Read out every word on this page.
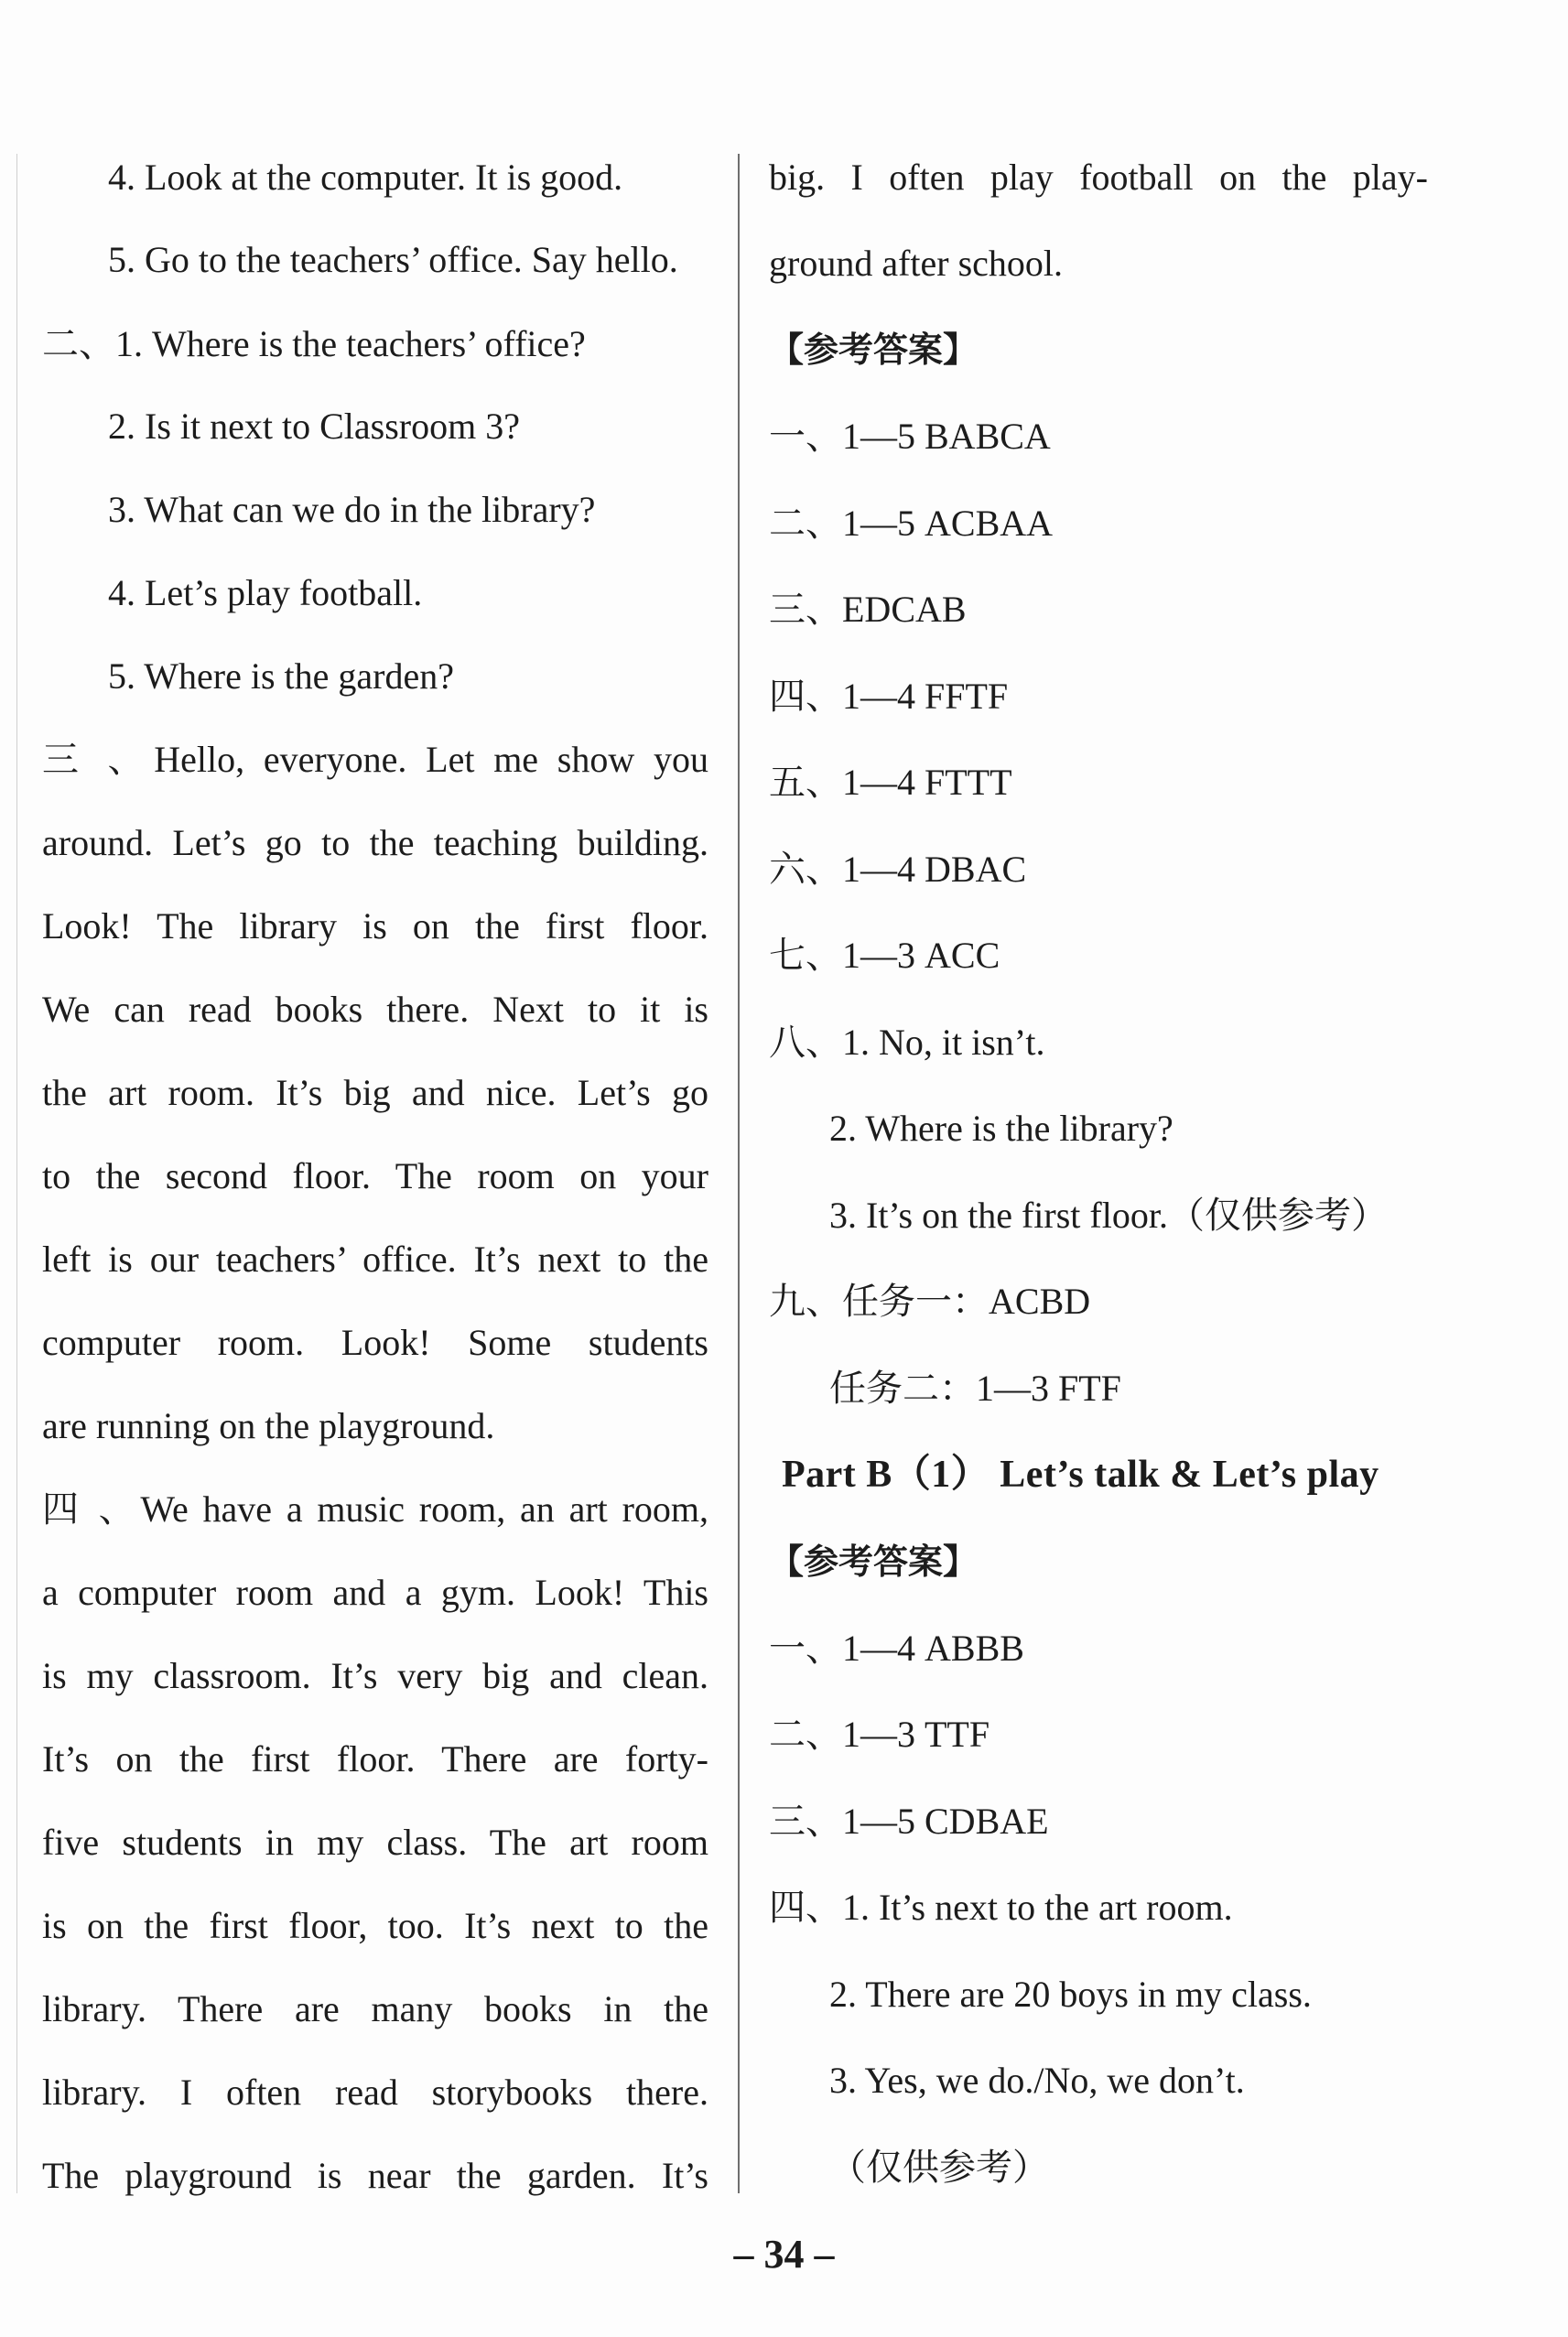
4. Look at the computer. It is good.
5. Go to the teachers’ office. Say hello.
二、1. Where is the teachers’ office?
2. Is it next to Classroom 3?
3. What can we do in the library?
4. Let’s play football.
5. Where is the garden?
三 、Hello, everyone. Let me show you
around. Let’s go to the teaching building.
Look! The library is on the first floor.
We can read books there. Next to it is
the art room. It’s big and nice. Let’s go
to the second floor. The room on your
left is our teachers’ office. It’s next to the
computer room. Look! Some students
are running on the playground.
四 、We have a music room, an art room,
a computer room and a gym. Look! This
is my classroom. It’s very big and clean.
It’s on the first floor. There are forty-
five students in my class. The art room
is on the first floor, too. It’s next to the
library. There are many books in the
library. I often read storybooks there.
The playground is near the garden. It’s
big. I often play football on the play-
ground after school.
【参考答案】
一、1—5 BABCA
二、1—5 ACBAA
三、EDCAB
四、1—4 FFTF
五、1—4 FTTT
六、1—4 DBAC
七、1—3 ACC
八、1. No, it isn’t.
2. Where is the library?
3. It’s on the first floor.（仅供参考）
九、任务一：ACBD
任务二：1—3 FTF
Part B（1） Let’s talk & Let’s play
【参考答案】
一、1—4 ABBB
二、1—3 TTF
三、1—5 CDBAE
四、1. It’s next to the art room.
2. There are 20 boys in my class.
3. Yes, we do./No, we don’t.
（仅供参考）
– 34 –
